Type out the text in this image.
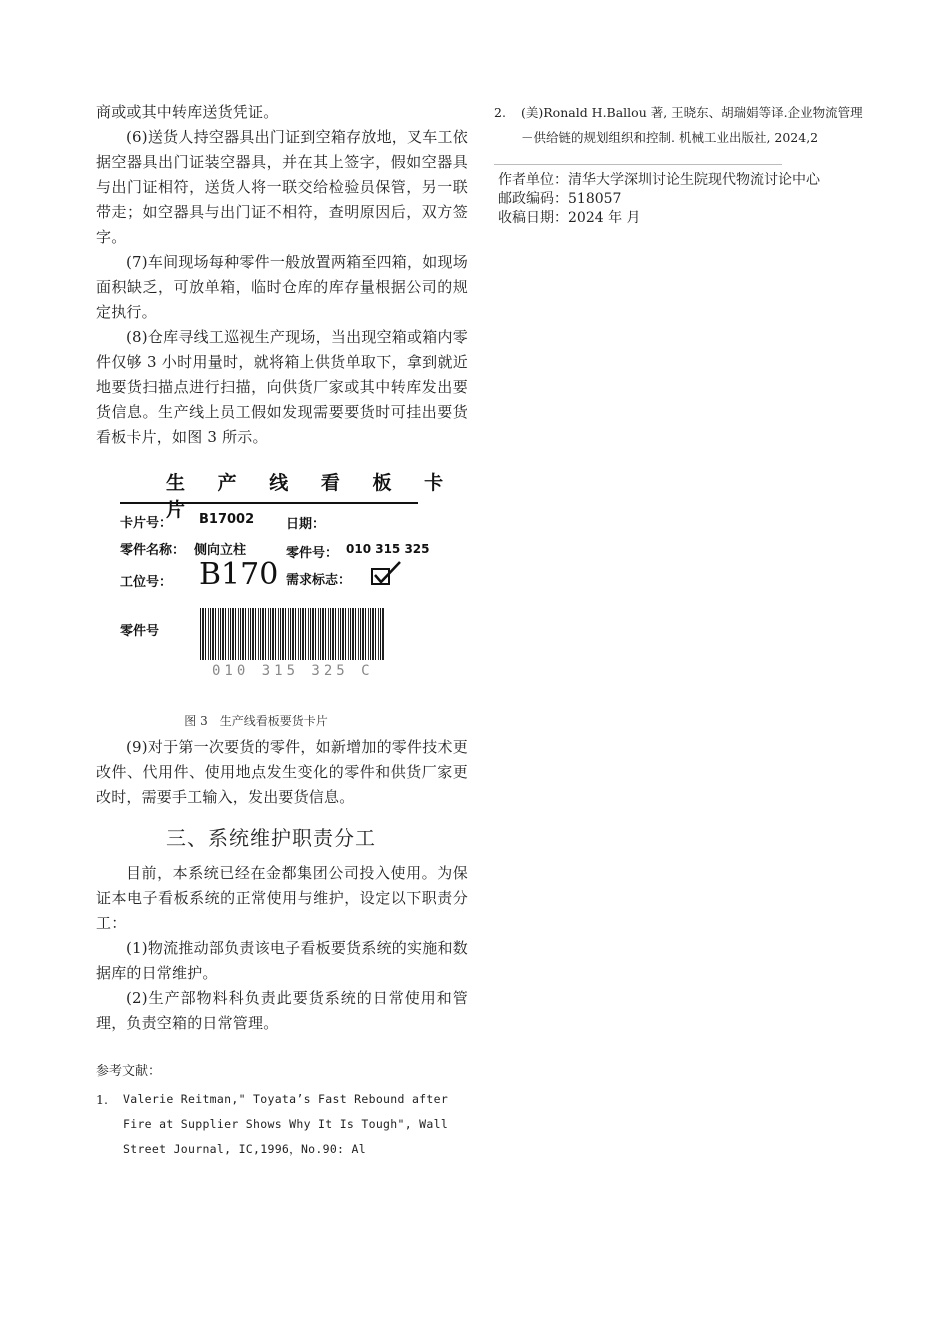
商或或其中转库送货凭证。

(6)送货人持空器具出门证到空箱存放地，叉车工依据空器具出门证装空器具，并在其上签字，假如空器具与出门证相符，送货人将一联交给检验员保管，另一联带走；如空器具与出门证不相符，查明原因后，双方签字。

(7)车间现场每种零件一般放置两箱至四箱，如现场面积缺乏，可放单箱，临时仓库的库存量根据公司的规定执行。

(8)仓库寻线工巡视生产现场，当出现空箱或箱内零件仅够 3 小时用量时，就将箱上供货单取下，拿到就近地要货扫描点进行扫描，向供货厂家或其中转库发出要货信息。生产线上员工假如发现需要要货时可挂出要货看板卡片，如图 3 所示。

生 产 线 看 板 卡 片
卡片号： B17002 日期：
零件名称： 侧向立柱	零件号： 010 315 325
工位号： B170 需求标志：
零件号
010 315 325 C
图 3　生产线看板要货卡片

(9)对于第一次要货的零件，如新增加的零件技术更改件、代用件、使用地点发生变化的零件和供货厂家更改时，需要手工输入，发出要货信息。

三、系统维护职责分工

目前，本系统已经在金都集团公司投入使用。为保证本电子看板系统的正常使用与维护，设定以下职责分工：

(1)物流推动部负责该电子看板要货系统的实施和数据库的日常维护。

(2)生产部物料科负责此要货系统的日常使用和管理，负责空箱的日常管理。

参考文献：
1.	Valerie Reitman," Toyata’s Fast Rebound after Fire at Supplier Shows Why It Is Tough", Wall Street Journal, IC,1996，No.90: Al
2.	(美)Ronald H.Ballou 著, 王晓东、胡瑞娟等译.企业物流管理－供给链的规划组织和控制. 机械工业出版社, 2024,2
作者单位： 清华大学深圳讨论生院现代物流讨论中心
邮政编码： 518057
收稿日期： 2024 年 月
